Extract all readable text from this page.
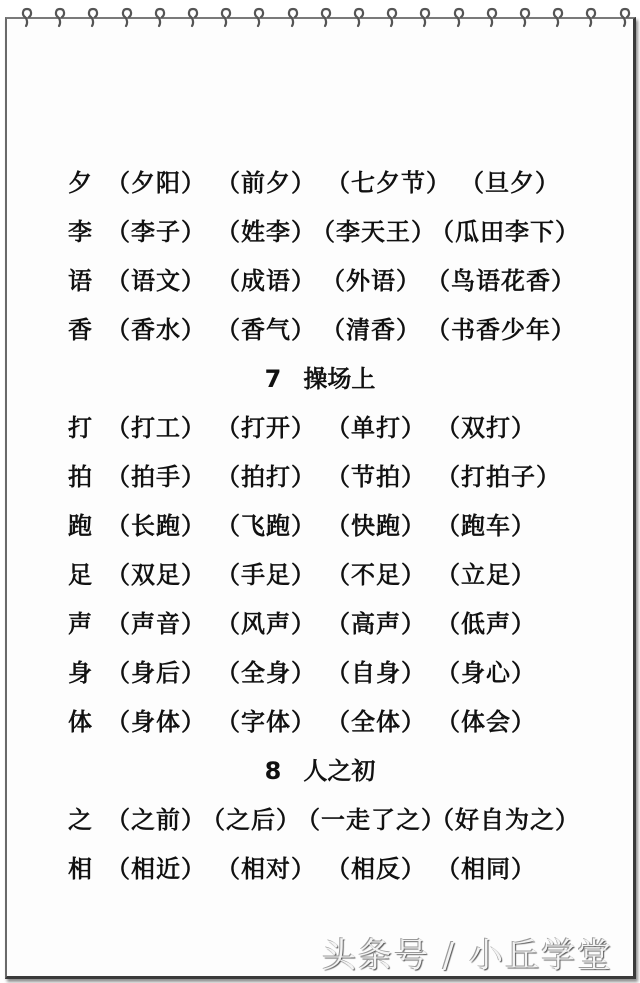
夕 （夕阳） （前夕） （七夕节） （旦夕）
李 （李子） （姓李）
（李天王）
（瓜田李下）
语 （语文） （成语） （外语） （鸟语花香）
香 （香水） （香气） （清香） （书香少年）
7 操场上
打 （打工） （打开） （单打） （双打）
拍 （拍手） （拍打） （节拍） （打拍子）
跑 （长跑） （飞跑） （快跑） （跑车）
足 （双足） （手足） （不足） （立足）
声 （声音） （风声） （高声） （低声）
身 （身后） （全身） （自身） （身心）
体 （身体） （字体） （全体） （体会）
8 人之初
之 （之前）
（之后）
（一走了之）
（好自为之）
相 （相近） （相对） （相反） （相同）
头条号 / 小丘学堂
